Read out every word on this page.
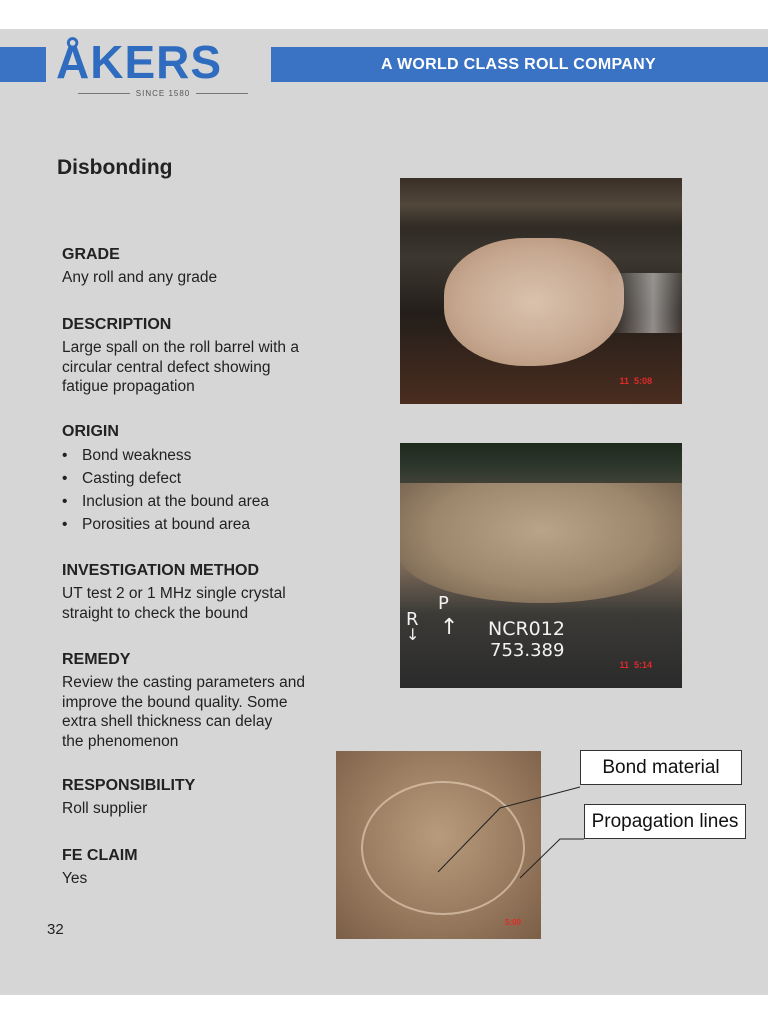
A WORLD CLASS ROLL COMPANY
ÅKERS
SINCE 1580
Disbonding
GRADE

Any roll and any grade

DESCRIPTION

Large spall on the roll barrel with a
circular central defect showing
fatigue propagation

ORIGIN
• Bond weakness
• Casting defect
• Inclusion at the bound area
• Porosities at bound area
INVESTIGATION METHOD

UT test 2 or 1 MHz single crystal
straight to check the bound

REMEDY

Review the casting parameters and
improve the bound quality. Some
extra shell thickness can delay
the phenomenon

RESPONSIBILITY

Roll supplier

FE CLAIM

Yes

11  5:08
P
R ↑
↓	NCR012
753.389
11  5:14
5:09
Bond material
Propagation lines
32
